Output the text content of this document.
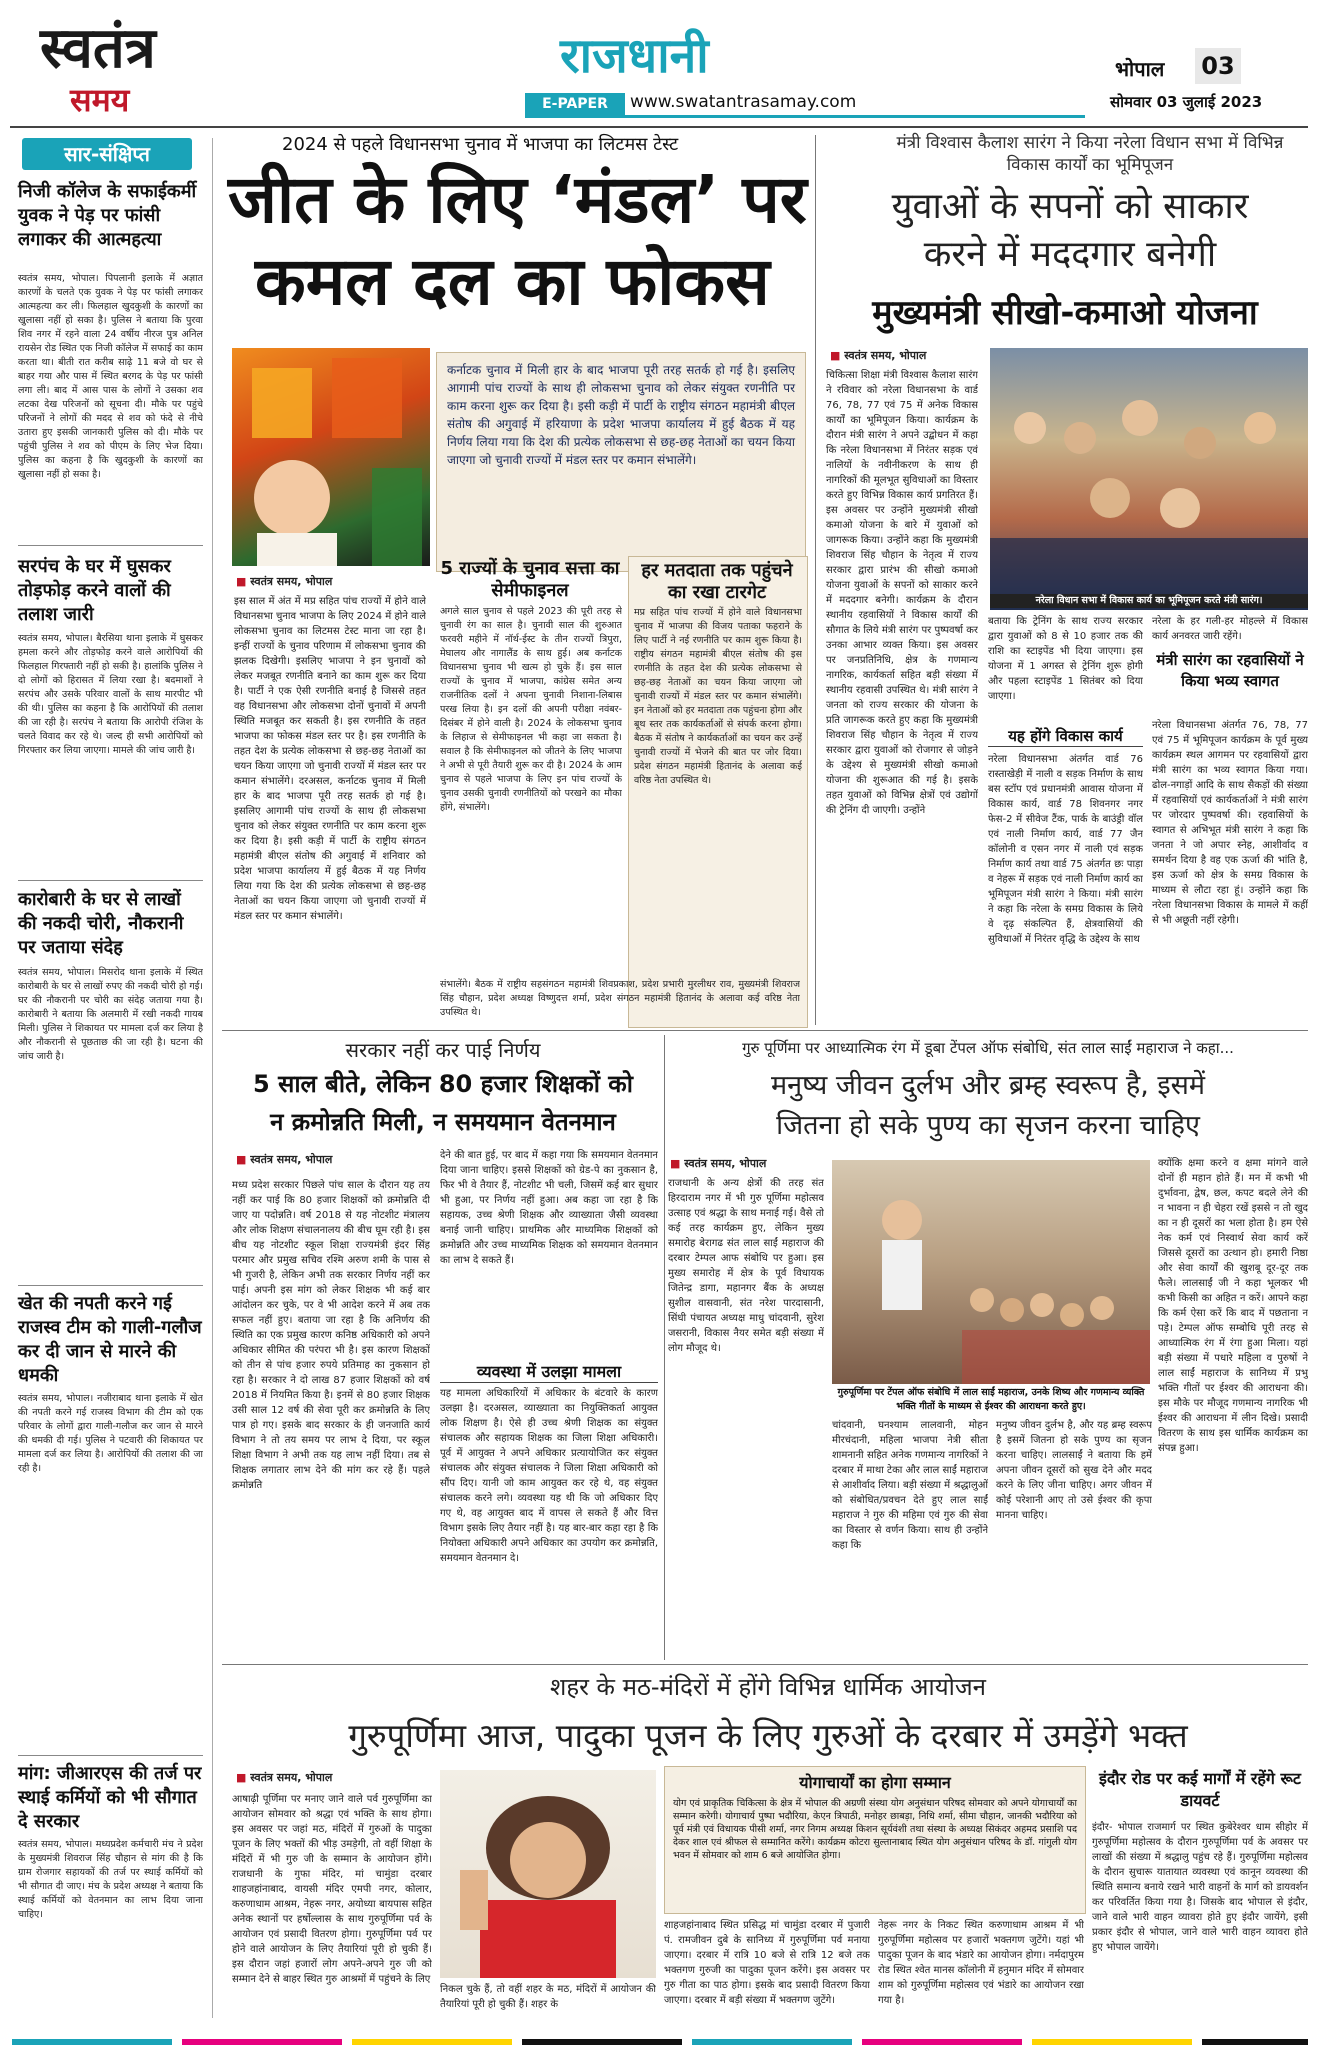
स्वतंत्र
समय
राजधानी
E-PAPER	www.swatantrasamay.com
भोपाल 03
सोमवार 03 जुलाई 2023
सार-संक्षिप्त
निजी कॉलेज के सफाईकर्मी युवक ने पेड़ पर फांसी लगाकर की आत्महत्या
स्वतंत्र समय, भोपाल। पिपलानी इलाके में अज्ञात कारणों के चलते एक युवक ने पेड़ पर फांसी लगाकर आत्महत्या कर ली। फिलहाल खुदकुशी के कारणों का खुलासा नहीं हो सका है। पुलिस ने बताया कि पुरवा शिव नगर में रहने वाला 24 वर्षीय नीरज पुत्र अनिल रायसेन रोड स्थित एक निजी कॉलेज में सफाई का काम करता था। बीती रात करीब साढ़े 11 बजे वो घर से बाहर गया और पास में स्थित बरगद के पेड़ पर फांसी लगा ली। बाद में आस पास के लोगों ने उसका शव लटका देख परिजनों को सूचना दी। मौके पर पहुंचे परिजनों ने लोगों की मदद से शव को फंदे से नीचे उतारा हुए इसकी जानकारी पुलिस को दी। मौके पर पहुंची पुलिस ने शव को पीएम के लिए भेज दिया। पुलिस का कहना है कि खुदकुशी के कारणों का खुलासा नहीं हो सका है।
सरपंच के घर में घुसकर तोड़फोड़ करने वालों की तलाश जारी
स्वतंत्र समय, भोपाल। बैरसिया थाना इलाके में घुसकर हमला करने और तोड़फोड़ करने वाले आरोपियों की फिलहाल गिरफ्तारी नहीं हो सकी है। हालांकि पुलिस ने दो लोगों को हिरासत में लिया रखा है। बदमाशों ने सरपंच और उसके परिवार वालों के साथ मारपीट भी की थी। पुलिस का कहना है कि आरोपियों की तलाश की जा रही है। सरपंच ने बताया कि आरोपी रंजिश के चलते विवाद कर रहे थे। जल्द ही सभी आरोपियों को गिरफ्तार कर लिया जाएगा। मामले की जांच जारी है।
कारोबारी के घर से लाखों की नकदी चोरी, नौकरानी पर जताया संदेह
स्वतंत्र समय, भोपाल। मिसरोद थाना इलाके में स्थित कारोबारी के घर से लाखों रुपए की नकदी चोरी हो गई। घर की नौकरानी पर चोरी का संदेह जताया गया है। कारोबारी ने बताया कि अलमारी में रखी नकदी गायब मिली। पुलिस ने शिकायत पर मामला दर्ज कर लिया है और नौकरानी से पूछताछ की जा रही है। घटना की जांच जारी है।
खेत की नपती करने गई राजस्व टीम को गाली-गलौज कर दी जान से मारने की धमकी
स्वतंत्र समय, भोपाल। नजीराबाद थाना इलाके में खेत की नपती करने गई राजस्व विभाग की टीम को एक परिवार के लोगों द्वारा गाली-गलौज कर जान से मारने की धमकी दी गई। पुलिस ने पटवारी की शिकायत पर मामला दर्ज कर लिया है। आरोपियों की तलाश की जा रही है।
मांग: जीआरएस की तर्ज पर स्थाई कर्मियों को भी सौगात दे सरकार
स्वतंत्र समय, भोपाल। मध्यप्रदेश कर्मचारी मंच ने प्रदेश के मुख्यमंत्री शिवराज सिंह चौहान से मांग की है कि ग्राम रोजगार सहायकों की तर्ज पर स्थाई कर्मियों को भी सौगात दी जाए। मंच के प्रदेश अध्यक्ष ने बताया कि स्थाई कर्मियों को वेतनमान का लाभ दिया जाना चाहिए।
2024 से पहले विधानसभा चुनाव में भाजपा का लिटमस टेस्ट
जीत के लिए ‘मंडल’ पर
कमल दल का फोकस
कर्नाटक चुनाव में मिली हार के बाद भाजपा पूरी तरह सतर्क हो गई है। इसलिए आगामी पांच राज्यों के साथ ही लोकसभा चुनाव को लेकर संयुक्त रणनीति पर काम करना शुरू कर दिया है। इसी कड़ी में पार्टी के राष्ट्रीय संगठन महामंत्री बीएल संतोष की अगुवाई में हरियाणा के प्रदेश भाजपा कार्यालय में हुई बैठक में यह निर्णय लिया गया कि देश की प्रत्येक लोकसभा से छह-छह नेताओं का चयन किया जाएगा जो चुनावी राज्यों में मंडल स्तर पर कमान संभालेंगे।
■ स्वतंत्र समय, भोपाल
इस साल में अंत में मप्र सहित पांच राज्यों में होने वाले विधानसभा चुनाव भाजपा के लिए 2024 में होने वाले लोकसभा चुनाव का लिटमस टेस्ट माना जा रहा है। इन्हीं राज्यों के चुनाव परिणाम में लोकसभा चुनाव की झलक दिखेगी। इसलिए भाजपा ने इन चुनावों को लेकर मजबूत रणनीति बनाने का काम शुरू कर दिया है। पार्टी ने एक ऐसी रणनीति बनाई है जिससे तहत वह विधानसभा और लोकसभा दोनों चुनावों में अपनी स्थिति मजबूत कर सकती है। इस रणनीति के तहत भाजपा का फोकस मंडल स्तर पर है। इस रणनीति के तहत देश के प्रत्येक लोकसभा से छह-छह नेताओं का चयन किया जाएगा जो चुनावी राज्यों में मंडल स्तर पर कमान संभालेंगे। दरअसल, कर्नाटक चुनाव में मिली हार के बाद भाजपा पूरी तरह सतर्क हो गई है। इसलिए आगामी पांच राज्यों के साथ ही लोकसभा चुनाव को लेकर संयुक्त रणनीति पर काम करना शुरू कर दिया है। इसी कड़ी में पार्टी के राष्ट्रीय संगठन महामंत्री बीएल संतोष की अगुवाई में शनिवार को प्रदेश भाजपा कार्यालय में हुई बैठक में यह निर्णय लिया गया कि देश की प्रत्येक लोकसभा से छह-छह नेताओं का चयन किया जाएगा जो चुनावी राज्यों में मंडल स्तर पर कमान संभालेंगे।
5 राज्यों के चुनाव सत्ता का सेमीफाइनल
अगले साल चुनाव से पहले 2023 की पूरी तरह से चुनावी रंग का साल है। चुनावी साल की शुरुआत फरवरी महीने में नॉर्थ-ईस्ट के तीन राज्यों त्रिपुरा, मेघालय और नागालैंड के साथ हुई। अब कर्नाटक विधानसभा चुनाव भी खत्म हो चुके हैं। इस साल राज्यों के चुनाव में भाजपा, कांग्रेस समेत अन्य राजनीतिक दलों ने अपना चुनावी निशाना-लिबास परख लिया है। इन दलों की अपनी परीक्षा नवंबर-दिसंबर में होने वाली है। 2024 के लोकसभा चुनाव के लिहाज से सेमीफाइनल भी कहा जा सकता है। सवाल है कि सेमीफाइनल को जीतने के लिए भाजपा ने अभी से पूरी तैयारी शुरू कर दी है। 2024 के आम चुनाव से पहले भाजपा के लिए इन पांच राज्यों के चुनाव उसकी चुनावी रणनीतियों को परखने का मौका होंगे, संभालेंगे।
हर मतदाता तक पहुंचने का रखा टारगेट
मप्र सहित पांच राज्यों में होने वाले विधानसभा चुनाव में भाजपा की विजय पताका फहराने के लिए पार्टी ने नई रणनीति पर काम शुरू किया है। राष्ट्रीय संगठन महामंत्री बीएल संतोष की इस रणनीति के तहत देश की प्रत्येक लोकसभा से छह-छह नेताओं का चयन किया जाएगा जो चुनावी राज्यों में मंडल स्तर पर कमान संभालेंगे। इन नेताओं को हर मतदाता तक पहुंचना होगा और बूथ स्तर तक कार्यकर्ताओं से संपर्क करना होगा। बैठक में संतोष ने कार्यकर्ताओं का चयन कर उन्हें चुनावी राज्यों में भेजने की बात पर जोर दिया। प्रदेश संगठन महामंत्री हितानंद के अलावा कई वरिष्ठ नेता उपस्थित थे।
संभालेंगे। बैठक में राष्ट्रीय सहसंगठन महामंत्री शिवप्रकाश, प्रदेश प्रभारी मुरलीधर राव, मुख्यमंत्री शिवराज सिंह चौहान, प्रदेश अध्यक्ष विष्णुदत्त शर्मा, प्रदेश संगठन महामंत्री हितानंद के अलावा कई वरिष्ठ नेता उपस्थित थे।
मंत्री विश्वास कैलाश सारंग ने किया नरेला विधान सभा में विभिन्न विकास कार्यों का भूमिपूजन
युवाओं के सपनों को साकार
करने में मददगार बनेगी
मुख्यमंत्री सीखो-कमाओ योजना
■ स्वतंत्र समय, भोपाल
चिकित्सा शिक्षा मंत्री विश्वास कैलाश सारंग ने रविवार को नरेला विधानसभा के वार्ड 76, 78, 77 एवं 75 में अनेक विकास कार्यों का भूमिपूजन किया। कार्यक्रम के दौरान मंत्री सारंग ने अपने उद्बोधन में कहा कि नरेला विधानसभा में निरंतर सड़क एवं नालियों के नवीनीकरण के साथ ही नागरिकों की मूलभूत सुविधाओं का विस्तार करते हुए विभिन्न विकास कार्य प्रगतिरत हैं। इस अवसर पर उन्होंने मुख्यमंत्री सीखो कमाओ योजना के बारे में युवाओं को जागरूक किया। उन्होंने कहा कि मुख्यमंत्री शिवराज सिंह चौहान के नेतृत्व में राज्य सरकार द्वारा प्रारंभ की सीखो कमाओ योजना युवाओं के सपनों को साकार करने में मददगार बनेगी। कार्यक्रम के दौरान स्थानीय रहवासियों ने विकास कार्यों की सौगात के लिये मंत्री सारंग पर पुष्पवर्षा कर उनका आभार व्यक्त किया। इस अवसर पर जनप्रतिनिधि, क्षेत्र के गणमान्य नागरिक, कार्यकर्ता सहित बड़ी संख्या में स्थानीय रहवासी उपस्थित थे। मंत्री सारंग ने जनता को राज्य सरकार की योजना के प्रति जागरूक करते हुए कहा कि मुख्यमंत्री शिवराज सिंह चौहान के नेतृत्व में राज्य सरकार द्वारा युवाओं को रोजगार से जोड़ने के उद्देश्य से मुख्यमंत्री सीखो कमाओ योजना की शुरूआत की गई है। इसके तहत युवाओं को विभिन्न क्षेत्रों एवं उद्योगों की ट्रेनिंग दी जाएगी। उन्होंने
नरेला विधान सभा में विकास कार्य का भूमिपूजन करते मंत्री सारंग।
बताया कि ट्रेनिंग के साथ राज्य सरकार द्वारा युवाओं को 8 से 10 हजार तक की राशि का स्टाइपेंड भी दिया जाएगा। इस योजना में 1 अगस्त से ट्रेनिंग शुरू होगी और पहला स्टाइपेंड 1 सितंबर को दिया जाएगा।
यह होंगे विकास कार्य
नरेला विधानसभा अंतर्गत वार्ड 76 रास्ताखेड़ी में नाली व सड़क निर्माण के साथ बस स्टॉप एवं प्रधानमंत्री आवास योजना में विकास कार्य, वार्ड 78 शिवनगर नगर फेस-2 में सीवेज टैंक, पार्क के बाउंड्री वॉल एवं नाली निर्माण कार्य, वार्ड 77 जैन कॉलोनी व एसन नगर में नाली एवं सड़क निर्माण कार्य तथा वार्ड 75 अंतर्गत छः पाड़ा व नेहरू में सड़क एवं नाली निर्माण कार्य का भूमिपूजन मंत्री सारंग ने किया। मंत्री सारंग ने कहा कि नरेला के समग्र विकास के लिये वे दृढ़ संकल्पित हैं, क्षेत्रवासियों की सुविधाओं में निरंतर वृद्धि के उद्देश्य के साथ
नरेला के हर गली-हर मोहल्ले में विकास कार्य अनवरत जारी रहेंगे।
मंत्री सारंग का रहवासियों ने किया भव्य स्वागत
नरेला विधानसभा अंतर्गत 76, 78, 77 एवं 75 में भूमिपूजन कार्यक्रम के पूर्व मुख्य कार्यक्रम स्थल आगमन पर रहवासियों द्वारा मंत्री सारंग का भव्य स्वागत किया गया। ढोल-नगाड़ों आदि के साथ सैकड़ों की संख्या में रहवासियों एवं कार्यकर्ताओं ने मंत्री सारंग पर जोरदार पुष्पवर्षा की। रहवासियों के स्वागत से अभिभूत मंत्री सारंग ने कहा कि जनता ने जो अपार स्नेह, आशीर्वाद व समर्थन दिया है वह एक ऊर्जा की भांति है, इस ऊर्जा को क्षेत्र के समग्र विकास के माध्यम से लौटा रहा हूं। उन्होंने कहा कि नरेला विधानसभा विकास के मामले में कहीं से भी अछूती नहीं रहेगी।
सरकार नहीं कर पाई निर्णय
5 साल बीते, लेकिन 80 हजार शिक्षकों को
न क्रमोन्नति मिली, न समयमान वेतनमान
■ स्वतंत्र समय, भोपाल
मध्य प्रदेश सरकार पिछले पांच साल के दौरान यह तय नहीं कर पाई कि 80 हजार शिक्षकों को क्रमोन्नति दी जाए या पदोन्नति। वर्ष 2018 से यह नोटशीट मंत्रालय और लोक शिक्षण संचालनालय की बीच घूम रही है। इस बीच यह नोटशीट स्कूल शिक्षा राज्यमंत्री इंदर सिंह परमार और प्रमुख सचिव रश्मि अरुण शमी के पास से भी गुजरी है, लेकिन अभी तक सरकार निर्णय नहीं कर पाई। अपनी इस मांग को लेकर शिक्षक भी कई बार आंदोलन कर चुके, पर वे भी आदेश करने में अब तक सफल नहीं हुए। बताया जा रहा है कि अनिर्णय की स्थिति का एक प्रमुख कारण कनिष्ठ अधिकारी को अपने अधिकार सीमित की परंपरा भी है। इस कारण शिक्षकों को तीन से पांच हजार रुपये प्रतिमाह का नुकसान हो रहा है। सरकार ने दो लाख 87 हजार शिक्षकों को वर्ष 2018 में नियमित किया है। इनमें से 80 हजार शिक्षक उसी साल 12 वर्ष की सेवा पूरी कर क्रमोन्नति के लिए पात्र हो गए। इसके बाद सरकार के ही जनजाति कार्य विभाग ने तो तय समय पर लाभ दे दिया, पर स्कूल शिक्षा विभाग ने अभी तक यह लाभ नहीं दिया। तब से शिक्षक लगातार लाभ देने की मांग कर रहे हैं। पहले क्रमोन्नति
देने की बात हुई, पर बाद में कहा गया कि समयमान वेतनमान दिया जाना चाहिए। इससे शिक्षकों को ग्रेड-पे का नुकसान है, फिर भी वे तैयार हैं, नोटशीट भी चली, जिसमें कई बार सुधार भी हुआ, पर निर्णय नहीं हुआ। अब कहा जा रहा है कि सहायक, उच्च श्रेणी शिक्षक और व्याख्याता जैसी व्यवस्था बनाई जानी चाहिए। प्राथमिक और माध्यमिक शिक्षकों को क्रमोन्नति और उच्च माध्यमिक शिक्षक को समयमान वेतनमान का लाभ दे सकते हैं।
व्यवस्था में उलझा मामला
यह मामला अधिकारियों में अधिकार के बंटवारे के कारण उलझा है। दरअसल, व्याख्याता का नियुक्तिकर्ता आयुक्त लोक शिक्षण है। ऐसे ही उच्च श्रेणी शिक्षक का संयुक्त संचालक और सहायक शिक्षक का जिला शिक्षा अधिकारी। पूर्व में आयुक्त ने अपने अधिकार प्रत्यायोजित कर संयुक्त संचालक और संयुक्त संचालक ने जिला शिक्षा अधिकारी को सौंप दिए। यानी जो काम आयुक्त कर रहे थे, वह संयुक्त संचालक करने लगे। व्यवस्था यह थी कि जो अधिकार दिए गए थे, वह आयुक्त बाद में वापस ले सकते हैं और वित्त विभाग इसके लिए तैयार नहीं है। यह बार-बार कहा रहा है कि नियोक्ता अधिकारी अपने अधिकार का उपयोग कर क्रमोन्नति, समयमान वेतनमान दे।
गुरु पूर्णिमा पर आध्यात्मिक रंग में डूबा टेंपल ऑफ संबोधि, संत लाल साईं महाराज ने कहा...
मनुष्य जीवन दुर्लभ और ब्रम्ह स्वरूप है, इसमें
जितना हो सके पुण्य का सृजन करना चाहिए
■ स्वतंत्र समय, भोपाल
राजधानी के अन्य क्षेत्रों की तरह संत हिरदाराम नगर में भी गुरु पूर्णिमा महोत्सव उत्साह एवं श्रद्धा के साथ मनाई गई। वैसे तो कई तरह कार्यक्रम हुए, लेकिन मुख्य समारोह बेरागढ संत लाल साईं महाराज की दरबार टेम्पल आफ संबोधि पर हुआ। इस मुख्य समारोह में क्षेत्र के पूर्व विधायक जितेन्द्र डागा, महानगर बैंक के अध्यक्ष सुशील वासवानी, संत नरेश पारदासानी, सिंधी पंचायत अध्यक्ष माधु चांदवानी, सुरेश जसरानी, विकास नैयर समेत बड़ी संख्या में लोग मौजूद थे।
गुरुपूर्णिमा पर टेंपल ऑफ संबोधि में लाल साईं महाराज, उनके शिष्य और गणमान्य व्यक्ति भक्ति गीतों के माध्यम से ईश्वर की आराधना करते हुए।
चांदवानी, घनश्याम लालवानी, मोहन मीरचंदानी, महिला भाजपा नेत्री सीता शामनानी सहित अनेक गणमान्य नागरिकों ने दरबार में माथा टेका और लाल साईं महाराज से आशीर्वाद लिया। बड़ी संख्या में श्रद्धालुओं को संबोधित/प्रवचन देते हुए लाल साईं महाराज ने गुरु की महिमा एवं गुरु की सेवा का विस्तार से वर्णन किया। साथ ही उन्होंने कहा कि
मनुष्य जीवन दुर्लभ है, और यह ब्रम्ह स्वरूप है इसमें जितना हो सके पुण्य का सृजन करना चाहिए। लालसाईं ने बताया कि हमें अपना जीवन दूसरों को सुख देने और मदद करने के लिए जीना चाहिए। अगर जीवन में कोई परेशानी आए तो उसे ईश्वर की कृपा मानना चाहिए।
क्योंकि क्षमा करने व क्षमा मांगने वाले दोनों ही महान होते हैं। मन में कभी भी दुर्भावना, द्वेष, छल, कपट बदले लेने की न भावना न ही चेहरा रखें इससे न तो खुद का न ही दूसरों का भला होता है। हम ऐसे नेक कर्म एवं निस्वार्थ सेवा कार्य करें जिससे दूसरों का उत्थान हो। हमारी निष्ठा और सेवा कार्यों की खुशबू दूर-दूर तक फैले। लालसाईं जी ने कहा भूलकर भी कभी किसी का अहित न करें। आपने कहा कि कर्म ऐसा करें कि बाद में पछताना न पड़े। टेम्पल ऑफ सम्बोधि पूरी तरह से आध्यात्मिक रंग में रंगा हुआ मिला। यहां बड़ी संख्या में पधारे महिला व पुरुषों ने लाल साईं महाराज के सानिध्य में प्रभु भक्ति गीतों पर ईश्वर की आराधना की। इस मौके पर मौजूद गणमान्य नागरिक भी ईश्वर की आराधना में लीन दिखे। प्रसादी वितरण के साथ इस धार्मिक कार्यक्रम का संपन्न हुआ।
शहर के मठ-मंदिरों में होंगे विभिन्न धार्मिक आयोजन
गुरुपूर्णिमा आज, पादुका पूजन के लिए गुरुओं के दरबार में उमड़ेंगे भक्त
■ स्वतंत्र समय, भोपाल
आषाढ़ी पूर्णिमा पर मनाए जाने वाले पर्व गुरुपूर्णिमा का आयोजन सोमवार को श्रद्धा एवं भक्ति के साथ होगा। इस अवसर पर जहां मठ, मंदिरों में गुरुओं के पादुका पूजन के लिए भक्तों की भीड़ उमड़ेगी, तो वहीं शिक्षा के मंदिरों में भी गुरु जी के सम्मान के आयोजन होंगे। राजधानी के गुफा मंदिर, मां चामुंडा दरबार शाहजहांनाबाद, वायसी मंदिर एमपी नगर, कोलार, करुणाधाम आश्रम, नेहरू नगर, अयोध्या बायपास सहित अनेक स्थानों पर हर्षोल्लास के साथ गुरुपूर्णिमा पर्व के आयोजन एवं प्रसादी वितरण होगा। गुरुपूर्णिमा पर्व पर होने वाले आयोजन के लिए तैयारियां पूरी हो चुकी हैं। इस दौरान जहां हजारों लोग अपने-अपने गुरु जी को सम्मान देने से बाहर स्थित गुरु आश्रमों में पहुंचने के लिए
निकल चुके हैं, तो वहीं शहर के मठ, मंदिरों में आयोजन की तैयारियां पूरी हो चुकी हैं। शहर के
योगाचार्यों का होगा सम्मान
योग एवं प्राकृतिक चिकित्सा के क्षेत्र में भोपाल की अग्रणी संस्था योग अनुसंधान परिषद सोमवार को अपने योगाचार्यों का सम्मान करेगी। योगाचार्य पुष्पा भदौरिया, केएन त्रिपाठी, मनोहर छाबड़ा, निधि शर्मा, सीमा चौहान, जानकी भदौरिया को पूर्व मंत्री एवं विधायक पीसी शर्मा, नगर निगम अध्यक्ष किशन सूर्यवंशी तथा संस्था के अध्यक्ष सिकंदर अहमद प्रसाशि पद देकर शाल एवं श्रीफल से सम्मानित करेंगे। कार्यक्रम कोटरा सुल्तानाबाद स्थित योग अनुसंधान परिषद के डॉ. गांगुली योग भवन में सोमवार को शाम 6 बजे आयोजित होगा।
शाहजहांनाबाद स्थित प्रसिद्ध मां चामुंडा दरबार में पुजारी पं. रामजीवन दुबे के सानिध्य में गुरुपूर्णिमा पर्व मनाया जाएगा। दरबार में रात्रि 10 बजे से रात्रि 12 बजे तक भक्तगण गुरुजी का पादुका पूजन करेंगे। इस अवसर पर गुरु गीता का पाठ होगा। इसके बाद प्रसादी वितरण किया जाएगा। दरबार में बड़ी संख्या में भक्तगण जुटेंगे।
नेहरू नगर के निकट स्थित करुणाधाम आश्रम में भी गुरुपूर्णिमा महोत्सव पर हजारों भक्तगण जुटेंगे। यहां भी पादुका पूजन के बाद भंडारे का आयोजन होगा। नर्मदापुरम रोड स्थित श्वेत मानस कॉलोनी में हनुमान मंदिर में सोमवार शाम को गुरुपूर्णिमा महोत्सव एवं भंडारे का आयोजन रखा गया है।
इंदौर रोड पर कई मार्गों में रहेंगे रूट डायवर्ट
इंदौर- भोपाल राजमार्ग पर स्थित कुबेरेश्वर धाम सीहोर में गुरुपूर्णिमा महोत्सव के दौरान गुरुपूर्णिमा पर्व के अवसर पर लाखों की संख्या में श्रद्धालु पहुंच रहे हैं। गुरुपूर्णिमा महोत्सव के दौरान सुचारू यातायात व्यवस्था एवं कानून व्यवस्था की स्थिति समान्य बनाये रखने भारी वाहनों के मार्ग को डायवर्शन कर परिवर्तित किया गया है। जिसके बाद भोपाल से इंदौर, जाने वाले भारी वाहन व्यावरा होते हुए इंदौर जायेंगे, इसी प्रकार इंदौर से भोपाल, जाने वाले भारी वाहन व्यावरा होते हुए भोपाल जायेंगे।
